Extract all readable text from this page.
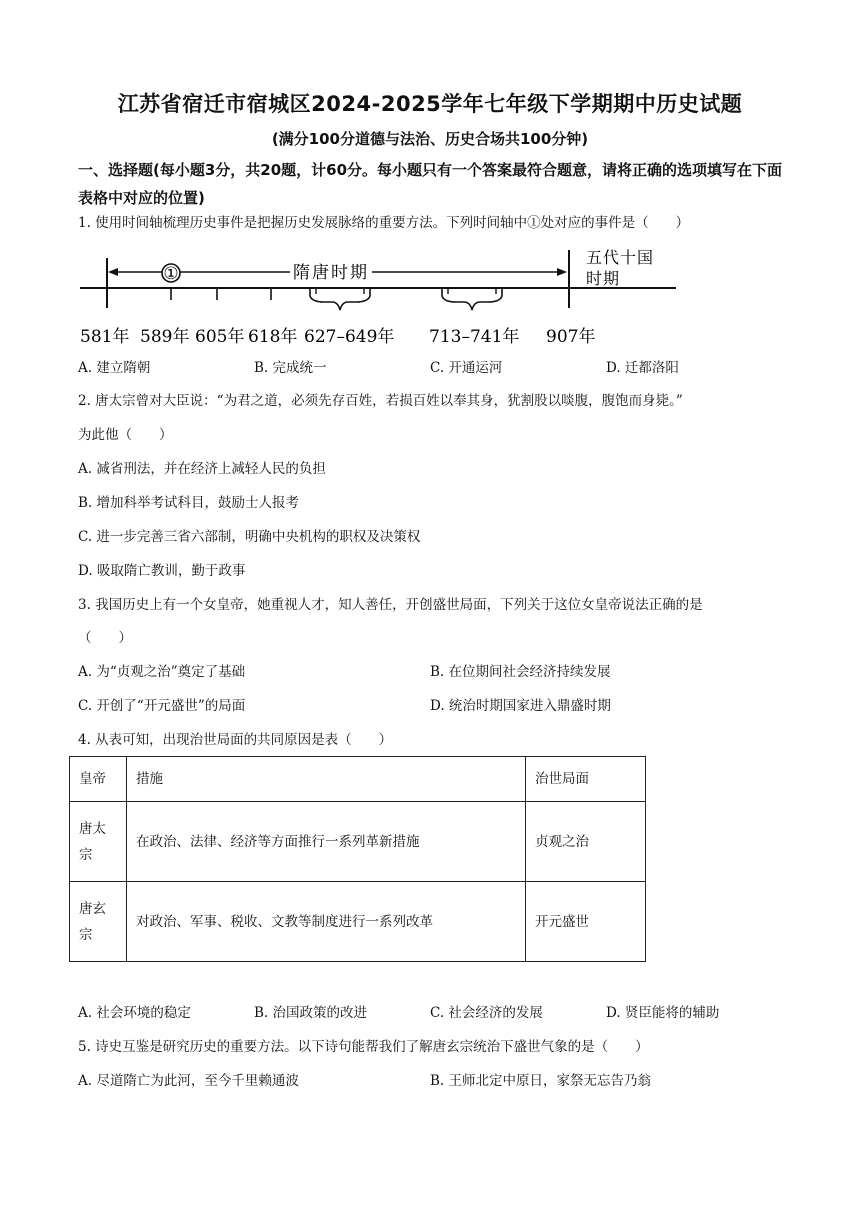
江苏省宿迁市宿城区2024-2025学年七年级下学期期中历史试题
(满分100分道德与法治、历史合场共100分钟)
一、选择题(每小题3分，共20题，计60分。每小题只有一个答案最符合题意，请将正确的选项填写在下面表格中对应的位置)
1. 使用时间轴梳理历史事件是把握历史发展脉络的重要方法。下列时间轴中①处对应的事件是（　　）
①	隋唐时期
五代十国
时期
581年 589年 605年 618年 627–649年 713–741年 907年
A. 建立隋朝	B. 完成统一	C. 开通运河	D. 迁都洛阳
2. 唐太宗曾对大臣说：“为君之道，必须先存百姓，若损百姓以奉其身，犹割股以啖腹，腹饱而身毙。”
为此他（　　）
A. 减省刑法，并在经济上减轻人民的负担
B. 增加科举考试科目，鼓励士人报考
C. 进一步完善三省六部制，明确中央机构的职权及决策权
D. 吸取隋亡教训，勤于政事
3. 我国历史上有一个女皇帝，她重视人才，知人善任，开创盛世局面，下列关于这位女皇帝说法正确的是
（　　）
A. 为“贞观之治”奠定了基础	B. 在位期间社会经济持续发展
C. 开创了“开元盛世”的局面	D. 统治时期国家进入鼎盛时期
4. 从表可知，出现治世局面的共同原因是表（　　）
皇帝	措施	治世局面

唐太
宗	在政治、法律、经济等方面推行一系列革新措施	贞观之治

唐玄
宗	对政治、军事、税收、文教等制度进行一系列改革	开元盛世
A. 社会环境的稳定	B. 治国政策的改进	C. 社会经济的发展	D. 贤臣能将的辅助
5. 诗史互鉴是研究历史的重要方法。以下诗句能帮我们了解唐玄宗统治下盛世气象的是（　　）
A. 尽道隋亡为此河，至今千里赖通波	B. 王师北定中原日，家祭无忘告乃翁
